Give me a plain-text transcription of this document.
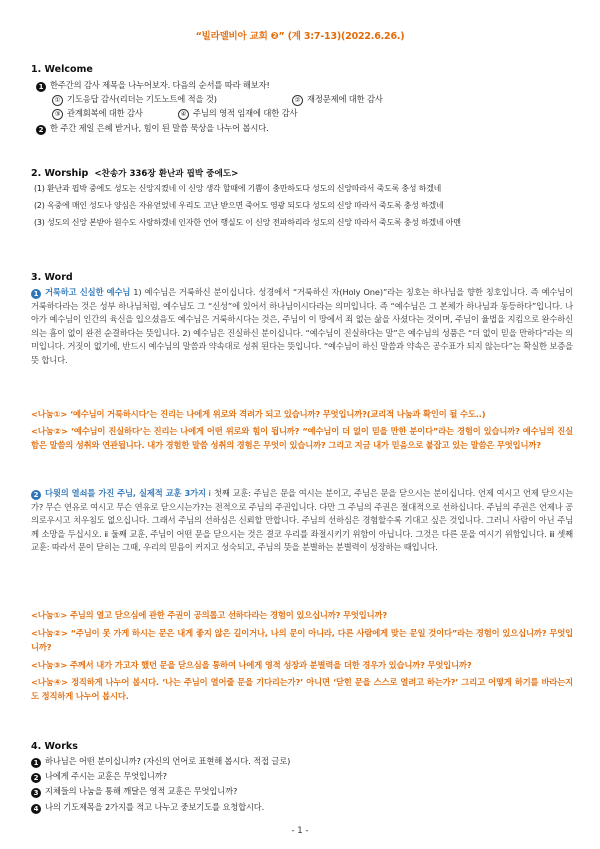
“빌라델비아 교회 ❷” (계 3:7-13)(2022.6.26.)
1. Welcome
1 한주간의 감사 제목을 나누어보자. 다음의 순서를 따라 해보자!
① 기도응답 감사(리더는 기도노트에 적을 것)	② 재정문제에 대한 감사
③ 관계회복에 대한 감사	④ 주님의 영적 임재에 대한 감사
2 한 주간 제일 은혜 받거나, 힘이 된 말씀 묵상을 나누어 봅시다.
2. Worship <찬송가 336장 환난과 핍박 중에도>
(1) 환난과 핍박 중에도 성도는 신앙지켰네 이 신앙 생각 할때에 기쁨이 충만하도다 성도의 신앙따라서 죽도록 충성 하겠네
(2) 옥중에 매인 성도나 양심은 자유얻었네 우리도 고난 받으면 죽어도 영광 되도다 성도의 신앙 따라서 죽도록 충성 하겠네
(3) 성도의 신앙 본받아 원수도 사랑하겠네 인자한 언어 행실도 이 신앙 전파하리라 성도의 신앙 따라서 죽도록 충성 하겠네 아멘
3. Word
1 거룩하고 신실한 예수님 1) 예수님은 거룩하신 분이십니다. 성경에서 “거룩하신 자(Holy One)”라는 칭호는 하나님을 향한 칭호입니다. 즉 예수님이 거룩하다라는 것은 성부 하나님처럼, 예수님도 그 “신성”에 있어서 하나님이시다라는 의미입니다. 즉 “예수님은 그 본체가 하나님과 동등하다”입니다. 나아가 예수님이 인간의 육신을 입으셨음도 예수님은 거룩하시다는 것은, 주님이 이 땅에서 죄 없는 삶을 사셨다는 것이며, 주님이 율법을 지킴으로 완수하신 의는 흠이 없이 완전 순결하다는 뜻입니다. 2) 예수님은 진실하신 분이십니다. “예수님이 진실하다는 말”은 예수님의 성품은 “더 없이 믿을 만하다”라는 의미입니다. 거짓이 없기에, 반드시 예수님의 말씀과 약속대로 성취 된다는 뜻입니다. “예수님이 하신 말씀과 약속은 공수표가 되지 않는다”는 확실한 보증을 뜻 합니다.
<나눔①> ‘예수님이 거룩하시다’는 진리는 나에게 위로와 격려가 되고 있습니까? 무엇입니까?(교리적 나눔과 확인이 될 수도..)
<나눔②> ‘예수님이 진실하다’는 진리는 나에게 어떤 위로와 힘이 됩니까? “예수님이 더 없이 믿을 만한 분이다”라는 경험이 있습니까? 예수님의 진실함은 말씀의 성취와 연관됩니다. 내가 경험한 말씀 성취의 경험은 무엇이 있습니까? 그리고 지금 내가 믿음으로 붙잡고 있는 말씀은 무엇입니까?
2 다윗의 열쇠를 가진 주님, 실제적 교훈 3가지 ⅰ 첫째 교훈: 주님은 문을 여시는 분이고, 주님은 문을 닫으시는 분이십니다. 언제 여시고 언제 닫으시는가? 무슨 연유로 여시고 무슨 연유로 닫으시는가?는 전적으로 주님의 주권입니다. 다만 그 주님의 주권은 절대적으로 선하십니다. 주님의 주권은 언제나 공의로우시고 치우침도 없으십니다. 그래서 주님의 선하심은 신뢰할 만합니다. 주님의 선하심은 경험할수록 기대고 싶은 것입니다. 그러니 사람이 아닌 주님께 소망을 두십시오. ⅱ 둘째 교훈, 주님이 어떤 문을 닫으시는 것은 결코 우리를 좌절시키기 위함이 아닙니다. 그것은 다른 문을 여시기 위함입니다. ⅲ 셋째 교훈: 따라서 문이 닫히는 그때, 우리의 믿음이 커지고 성숙되고, 주님의 뜻을 분별하는 분별력이 성장하는 때입니다.
<나눔①> 주님의 열고 닫으심에 관한 주권이 공의롭고 선하다라는 경험이 있으십니까? 무엇입니까?
<나눔②> “주님이 못 가게 하시는 문은 내게 좋지 않은 길이거나, 나의 문이 아니라, 다른 사람에게 맞는 문일 것이다”라는 경험이 있으십니까? 무엇입니까?
<나눔③> 주께서 내가 가고자 했던 문을 닫으심을 통하여 나에게 영적 성장과 분별력을 더한 경우가 있습니까? 무엇입니까?
<나눔④> 정직하게 나누어 봅시다. ‘나는 주님이 열어줄 문을 기다리는가?’ 아니면 ‘닫힌 문을 스스로 열려고 하는가?’ 그리고 어떻게 하기를 바라는지도 정직하게 나누어 봅시다.
4. Works
1 하나님은 어떤 분이십니까? (자신의 언어로 표현해 봅시다. 적접 글로)
2 나에게 주시는 교훈은 무엇입니까?
3 지체들의 나눔을 통해 깨달은 영적 교훈은 무엇입니까?
4 나의 기도제목을 2가지를 적고 나누고 중보기도를 요청합시다.
- 1 -
